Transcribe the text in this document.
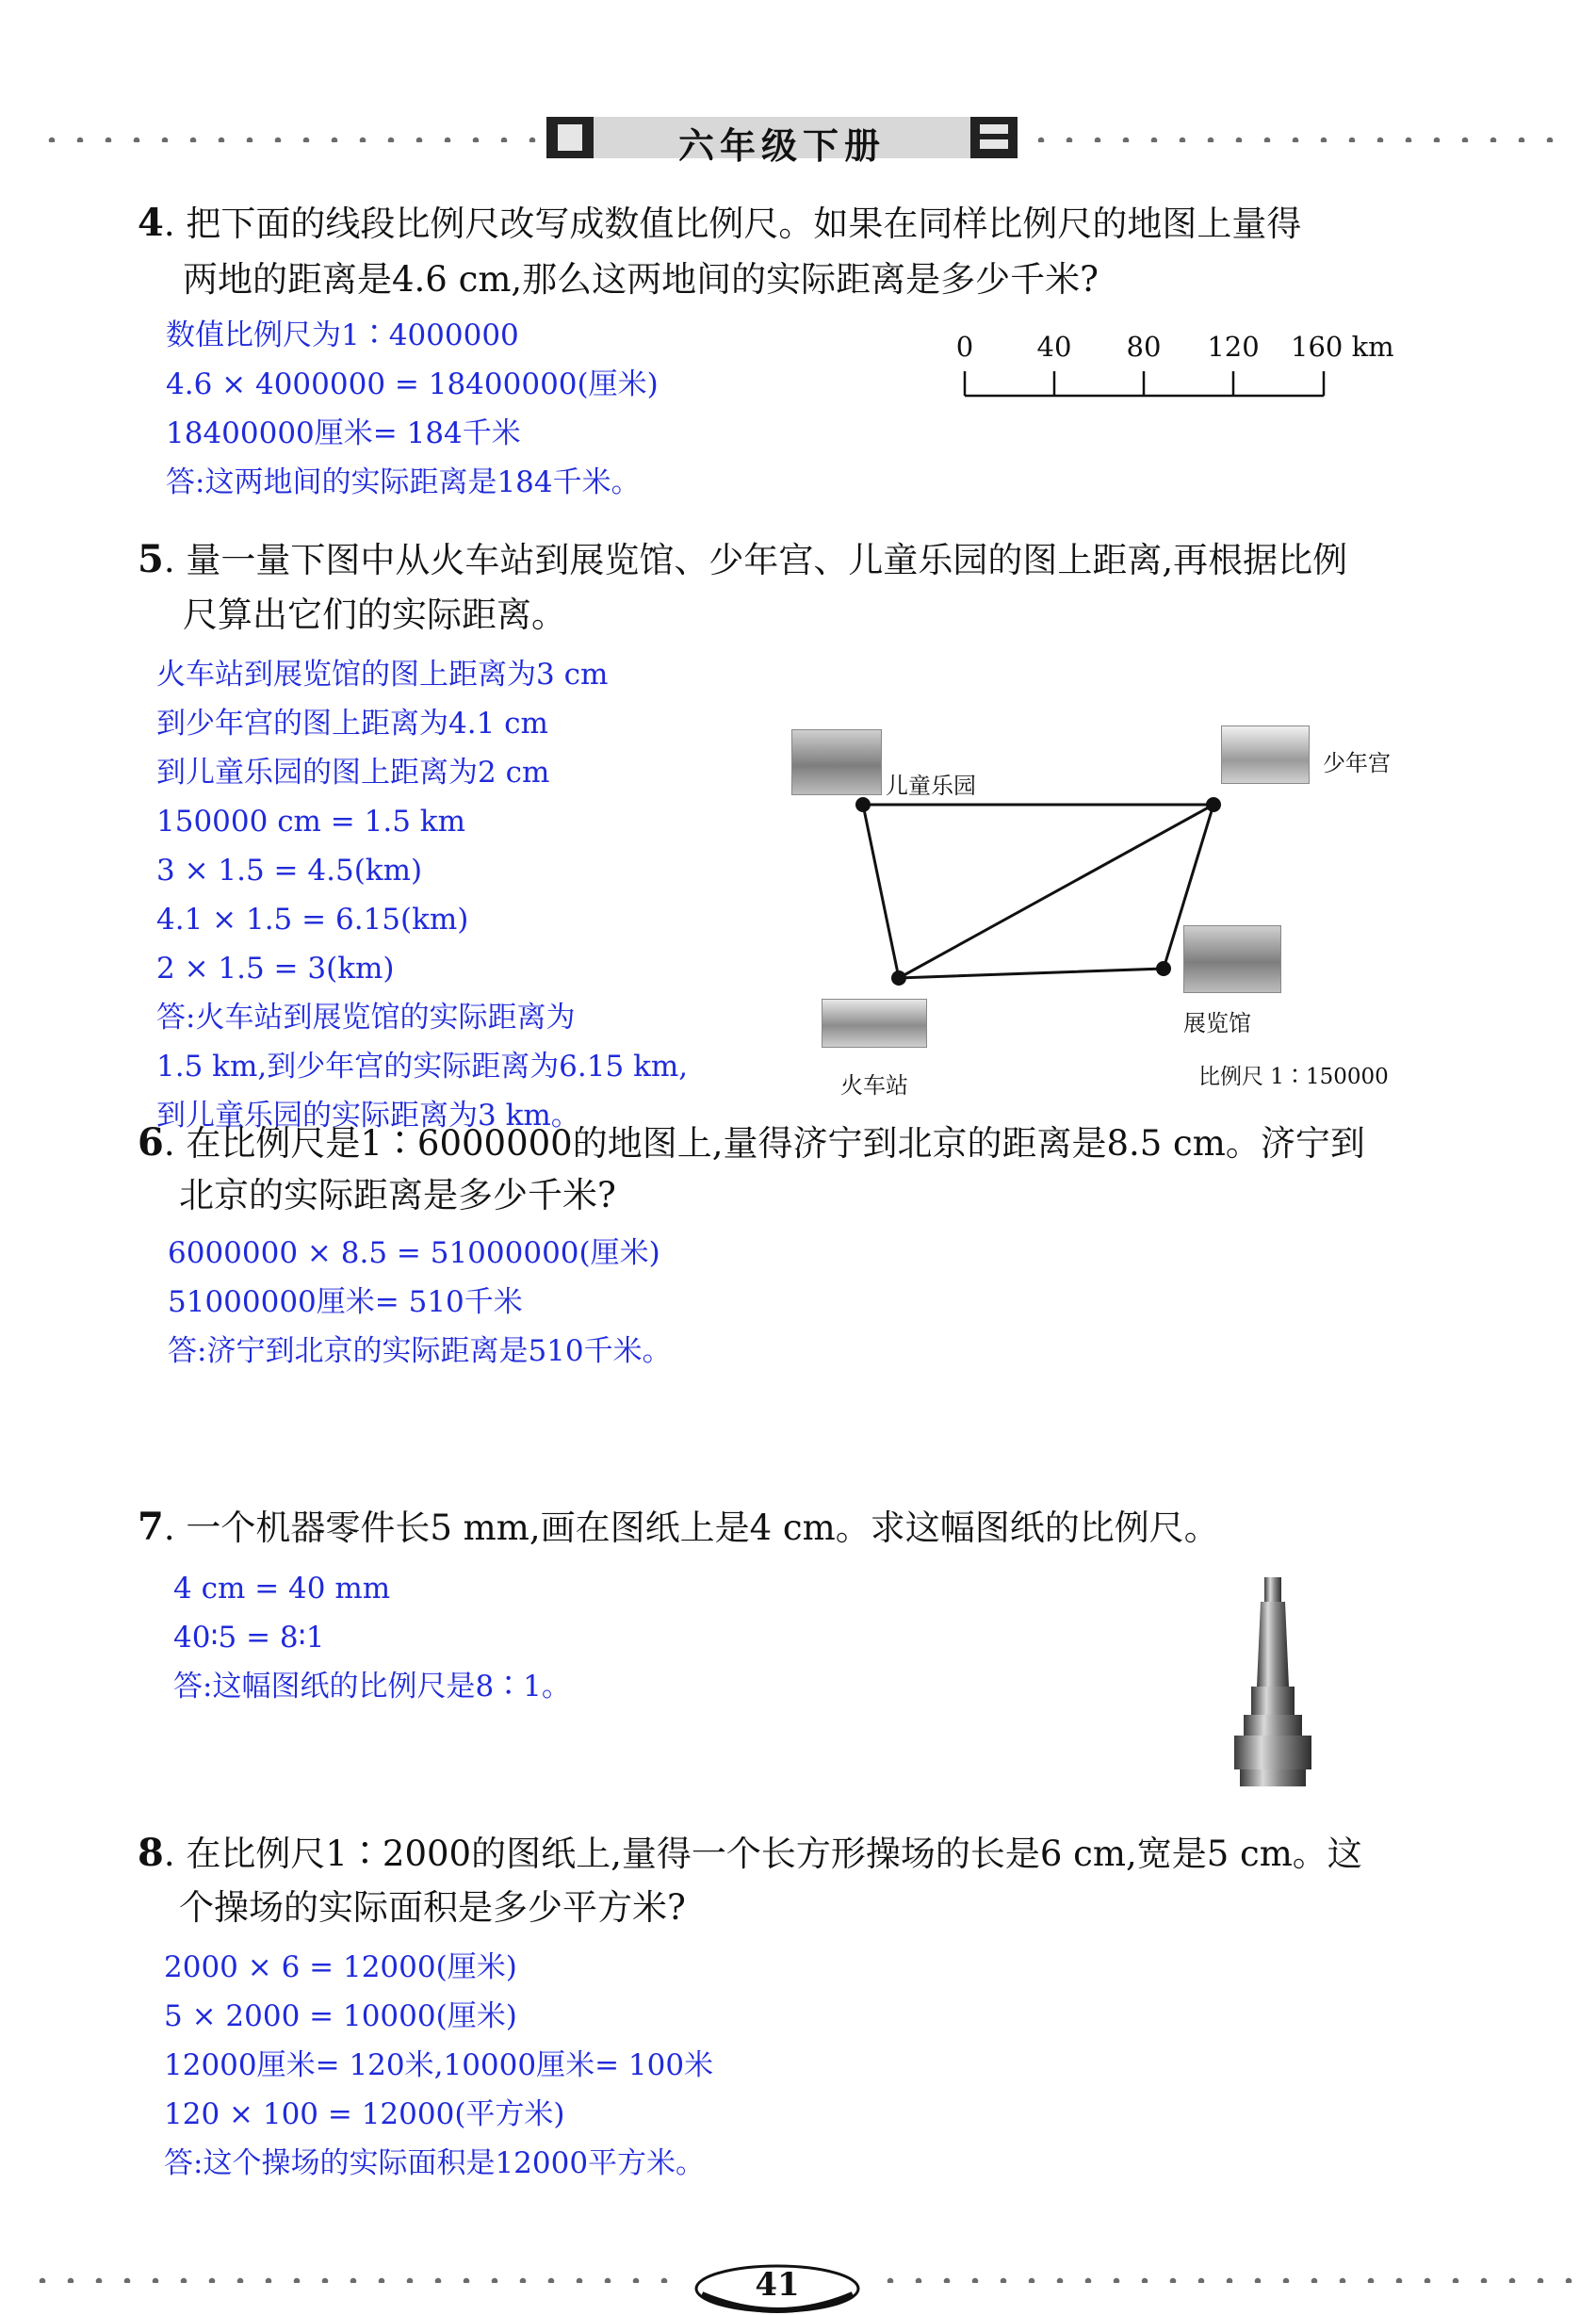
六年级下册
4. 把下面的线段比例尺改写成数值比例尺。如果在同样比例尺的地图上量得
两地的距离是4.6 cm,那么这两地间的实际距离是多少千米?
数值比例尺为1∶4000000
4.6 × 4000000 = 18400000(厘米)
18400000厘米= 184千米
答:这两地间的实际距离是184千米。
0 40 80 120 160 km
5. 量一量下图中从火车站到展览馆、少年宫、儿童乐园的图上距离,再根据比例
尺算出它们的实际距离。
火车站到展览馆的图上距离为3 cm
到少年宫的图上距离为4.1 cm
到儿童乐园的图上距离为2 cm
150000 cm = 1.5 km
3 × 1.5 = 4.5(km)
4.1 × 1.5 = 6.15(km)
2 × 1.5 = 3(km)
答:火车站到展览馆的实际距离为
1.5 km,到少年宫的实际距离为6.15 km,
到儿童乐园的实际距离为3 km。
儿童乐园
少年宫
展览馆
火车站	比例尺 1∶150000
6. 在比例尺是1∶6000000的地图上,量得济宁到北京的距离是8.5 cm。济宁到
北京的实际距离是多少千米?
6000000 × 8.5 = 51000000(厘米)
51000000厘米= 510千米
答:济宁到北京的实际距离是510千米。
7. 一个机器零件长5 mm,画在图纸上是4 cm。求这幅图纸的比例尺。
4 cm = 40 mm
40∶5 = 8∶1
答:这幅图纸的比例尺是8∶1。
8. 在比例尺1∶2000的图纸上,量得一个长方形操场的长是6 cm,宽是5 cm。这
个操场的实际面积是多少平方米?
2000 × 6 = 12000(厘米)
5 × 2000 = 10000(厘米)
12000厘米= 120米,10000厘米= 100米
120 × 100 = 12000(平方米)
答:这个操场的实际面积是12000平方米。
41
